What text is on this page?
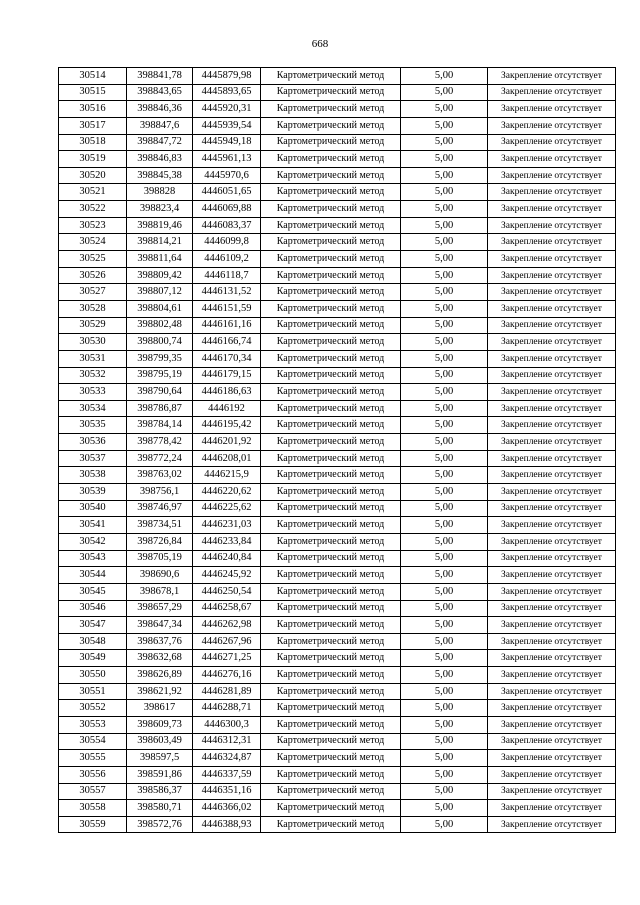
668
30514	398841,78	4445879,98	Картометрический метод	5,00	Закрепление отсутствует
30515	398843,65	4445893,65	Картометрический метод	5,00	Закрепление отсутствует
30516	398846,36	4445920,31	Картометрический метод	5,00	Закрепление отсутствует
30517	398847,6	4445939,54	Картометрический метод	5,00	Закрепление отсутствует
30518	398847,72	4445949,18	Картометрический метод	5,00	Закрепление отсутствует
30519	398846,83	4445961,13	Картометрический метод	5,00	Закрепление отсутствует
30520	398845,38	4445970,6	Картометрический метод	5,00	Закрепление отсутствует
30521	398828	4446051,65	Картометрический метод	5,00	Закрепление отсутствует
30522	398823,4	4446069,88	Картометрический метод	5,00	Закрепление отсутствует
30523	398819,46	4446083,37	Картометрический метод	5,00	Закрепление отсутствует
30524	398814,21	4446099,8	Картометрический метод	5,00	Закрепление отсутствует
30525	398811,64	4446109,2	Картометрический метод	5,00	Закрепление отсутствует
30526	398809,42	4446118,7	Картометрический метод	5,00	Закрепление отсутствует
30527	398807,12	4446131,52	Картометрический метод	5,00	Закрепление отсутствует
30528	398804,61	4446151,59	Картометрический метод	5,00	Закрепление отсутствует
30529	398802,48	4446161,16	Картометрический метод	5,00	Закрепление отсутствует
30530	398800,74	4446166,74	Картометрический метод	5,00	Закрепление отсутствует
30531	398799,35	4446170,34	Картометрический метод	5,00	Закрепление отсутствует
30532	398795,19	4446179,15	Картометрический метод	5,00	Закрепление отсутствует
30533	398790,64	4446186,63	Картометрический метод	5,00	Закрепление отсутствует
30534	398786,87	4446192	Картометрический метод	5,00	Закрепление отсутствует
30535	398784,14	4446195,42	Картометрический метод	5,00	Закрепление отсутствует
30536	398778,42	4446201,92	Картометрический метод	5,00	Закрепление отсутствует
30537	398772,24	4446208,01	Картометрический метод	5,00	Закрепление отсутствует
30538	398763,02	4446215,9	Картометрический метод	5,00	Закрепление отсутствует
30539	398756,1	4446220,62	Картометрический метод	5,00	Закрепление отсутствует
30540	398746,97	4446225,62	Картометрический метод	5,00	Закрепление отсутствует
30541	398734,51	4446231,03	Картометрический метод	5,00	Закрепление отсутствует
30542	398726,84	4446233,84	Картометрический метод	5,00	Закрепление отсутствует
30543	398705,19	4446240,84	Картометрический метод	5,00	Закрепление отсутствует
30544	398690,6	4446245,92	Картометрический метод	5,00	Закрепление отсутствует
30545	398678,1	4446250,54	Картометрический метод	5,00	Закрепление отсутствует
30546	398657,29	4446258,67	Картометрический метод	5,00	Закрепление отсутствует
30547	398647,34	4446262,98	Картометрический метод	5,00	Закрепление отсутствует
30548	398637,76	4446267,96	Картометрический метод	5,00	Закрепление отсутствует
30549	398632,68	4446271,25	Картометрический метод	5,00	Закрепление отсутствует
30550	398626,89	4446276,16	Картометрический метод	5,00	Закрепление отсутствует
30551	398621,92	4446281,89	Картометрический метод	5,00	Закрепление отсутствует
30552	398617	4446288,71	Картометрический метод	5,00	Закрепление отсутствует
30553	398609,73	4446300,3	Картометрический метод	5,00	Закрепление отсутствует
30554	398603,49	4446312,31	Картометрический метод	5,00	Закрепление отсутствует
30555	398597,5	4446324,87	Картометрический метод	5,00	Закрепление отсутствует
30556	398591,86	4446337,59	Картометрический метод	5,00	Закрепление отсутствует
30557	398586,37	4446351,16	Картометрический метод	5,00	Закрепление отсутствует
30558	398580,71	4446366,02	Картометрический метод	5,00	Закрепление отсутствует
30559	398572,76	4446388,93	Картометрический метод	5,00	Закрепление отсутствует
